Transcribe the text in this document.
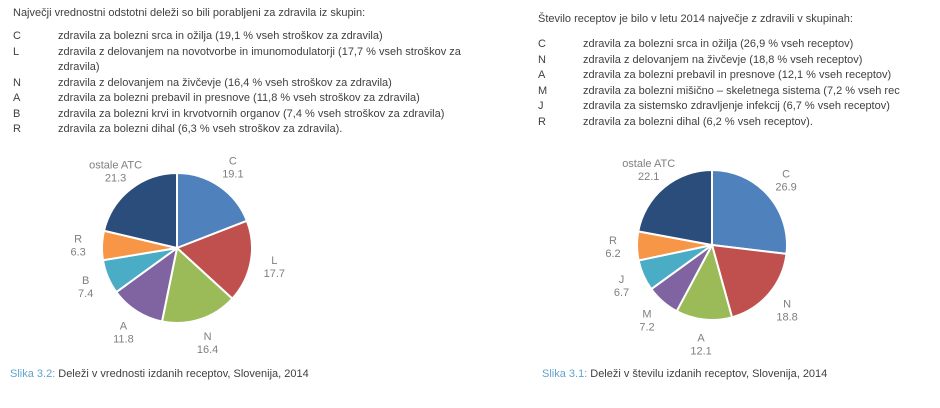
Največji vrednostni odstotni deleži so bili porabljeni za zdravila iz skupin:

C	zdravila za bolezni srca in ožilja (19,1 % vseh stroškov za zdravila)
L	zdravila z delovanjem na novotvorbe in imunomodulatorji (17,7 % vseh stroškov za
zdravila)
N	zdravila z delovanjem na živčevje (16,4 % vseh stroškov za zdravila)
A	zdravila za bolezni prebavil in presnove (11,8 % vseh stroškov za zdravila)
B	zdravila za bolezni krvi in krvotvornih organov (7,4 % vseh stroškov za zdravila)
R	zdravila za bolezni dihal (6,3 % vseh stroškov za zdravila).
C
19.1
L
17.7
N
16.4
A
11.8
B
7.4
R
6.3
ostale ATC
21.3

Slika 3.2: Deleži v vrednosti izdanih receptov, Slovenija, 2014

Število receptov je bilo v letu 2014 največje z zdravili v skupinah:

C	zdravila za bolezni srca in ožilja (26,9 % vseh receptov)
N	zdravila z delovanjem na živčevje (18,8 % vseh receptov)
A	zdravila za bolezni prebavil in presnove (12,1 % vseh receptov)
M	zdravila za bolezni mišično – skeletnega sistema (7,2 % vseh rec
J	zdravila za sistemsko zdravljenje infekcij (6,7 % vseh receptov)
R	zdravila za bolezni dihal (6,2 % vseh receptov).
C
26.9
N
18.8
A
12.1
M
7.2
J
6.7
R
6.2
ostale ATC
22.1

Slika 3.1: Deleži v številu izdanih receptov, Slovenija, 2014
